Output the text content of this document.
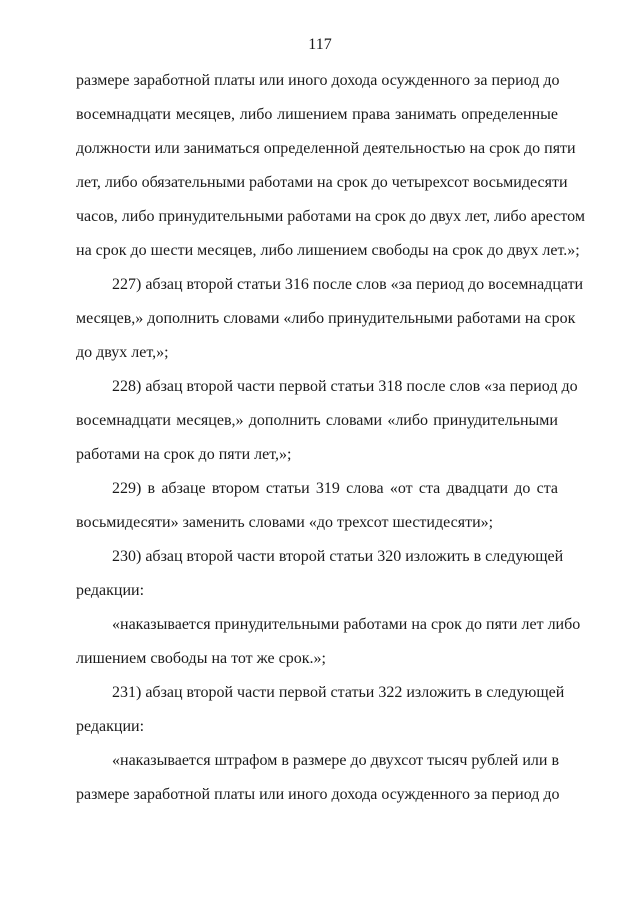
117
размере заработной платы или иного дохода осужденного за период до
восемнадцати месяцев, либо лишением права занимать определенные
должности или заниматься определенной деятельностью на срок до пяти
лет, либо обязательными работами на срок до четырехсот восьмидесяти
часов, либо принудительными работами на срок до двух лет, либо арестом
на срок до шести месяцев, либо лишением свободы на срок до двух лет.»;
227) абзац второй статьи 316 после слов «за период до восемнадцати
месяцев,» дополнить словами «либо принудительными работами на срок
до двух лет,»;
228) абзац второй части первой статьи 318 после слов «за период до
восемнадцати месяцев,» дополнить словами «либо принудительными
работами на срок до пяти лет,»;
229) в абзаце втором статьи 319 слова «от ста двадцати до ста
восьмидесяти» заменить словами «до трехсот шестидесяти»;
230) абзац второй части второй статьи 320 изложить в следующей
редакции:
«наказывается принудительными работами на срок до пяти лет либо
лишением свободы на тот же срок.»;
231) абзац второй части первой статьи 322 изложить в следующей
редакции:
«наказывается штрафом в размере до двухсот тысяч рублей или в
размере заработной платы или иного дохода осужденного за период до
